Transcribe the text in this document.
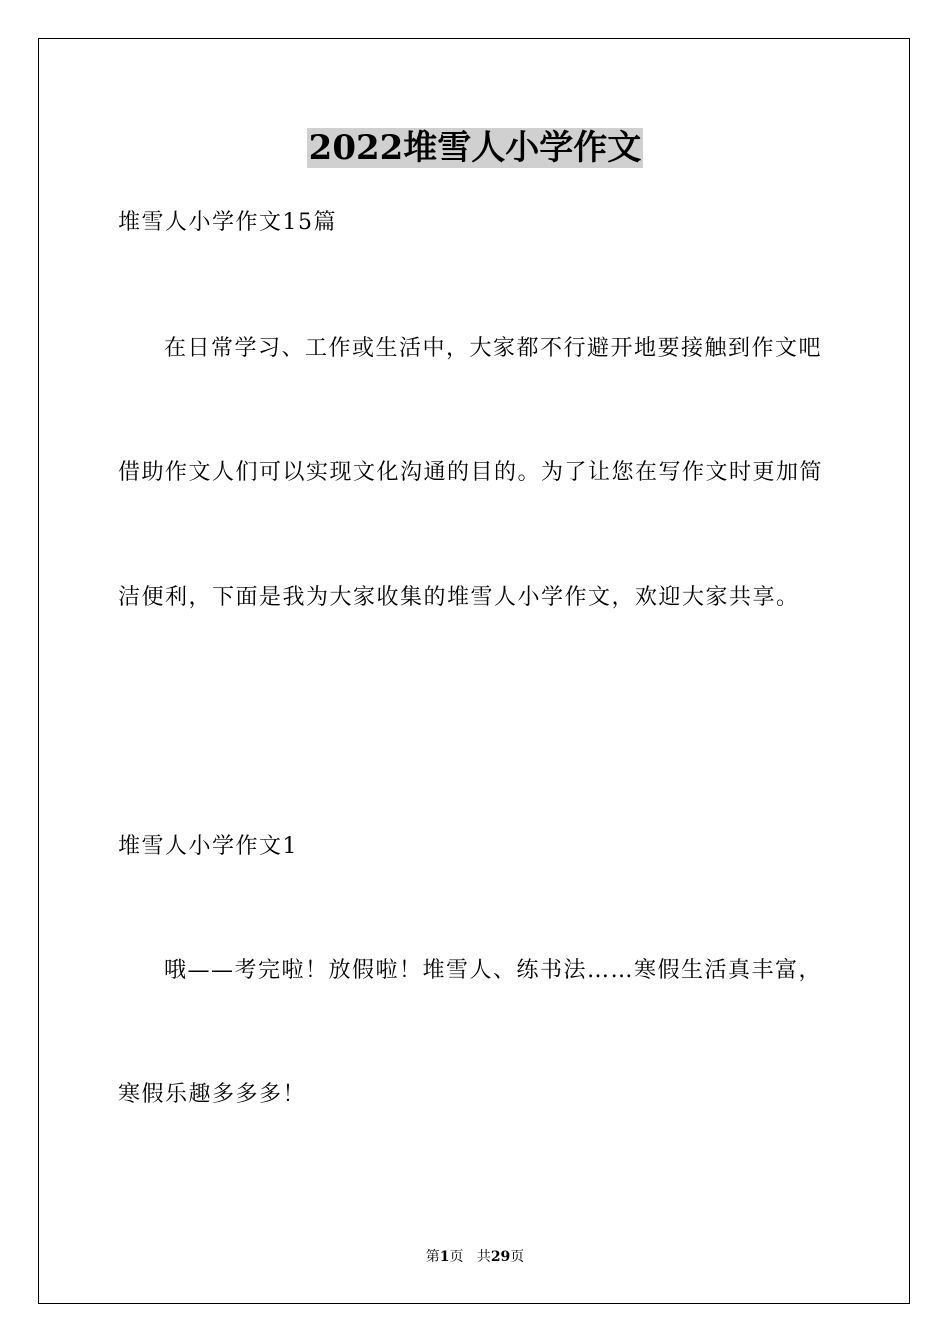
2022堆雪人小学作文
堆雪人小学作文15篇
在日常学习、工作或生活中，大家都不行避开地要接触到作文吧
借助作文人们可以实现文化沟通的目的。为了让您在写作文时更加简
洁便利，下面是我为大家收集的堆雪人小学作文，欢迎大家共享。
堆雪人小学作文1
哦——考完啦！放假啦！堆雪人、练书法……寒假生活真丰富，
寒假乐趣多多多！
第1页 共29页
